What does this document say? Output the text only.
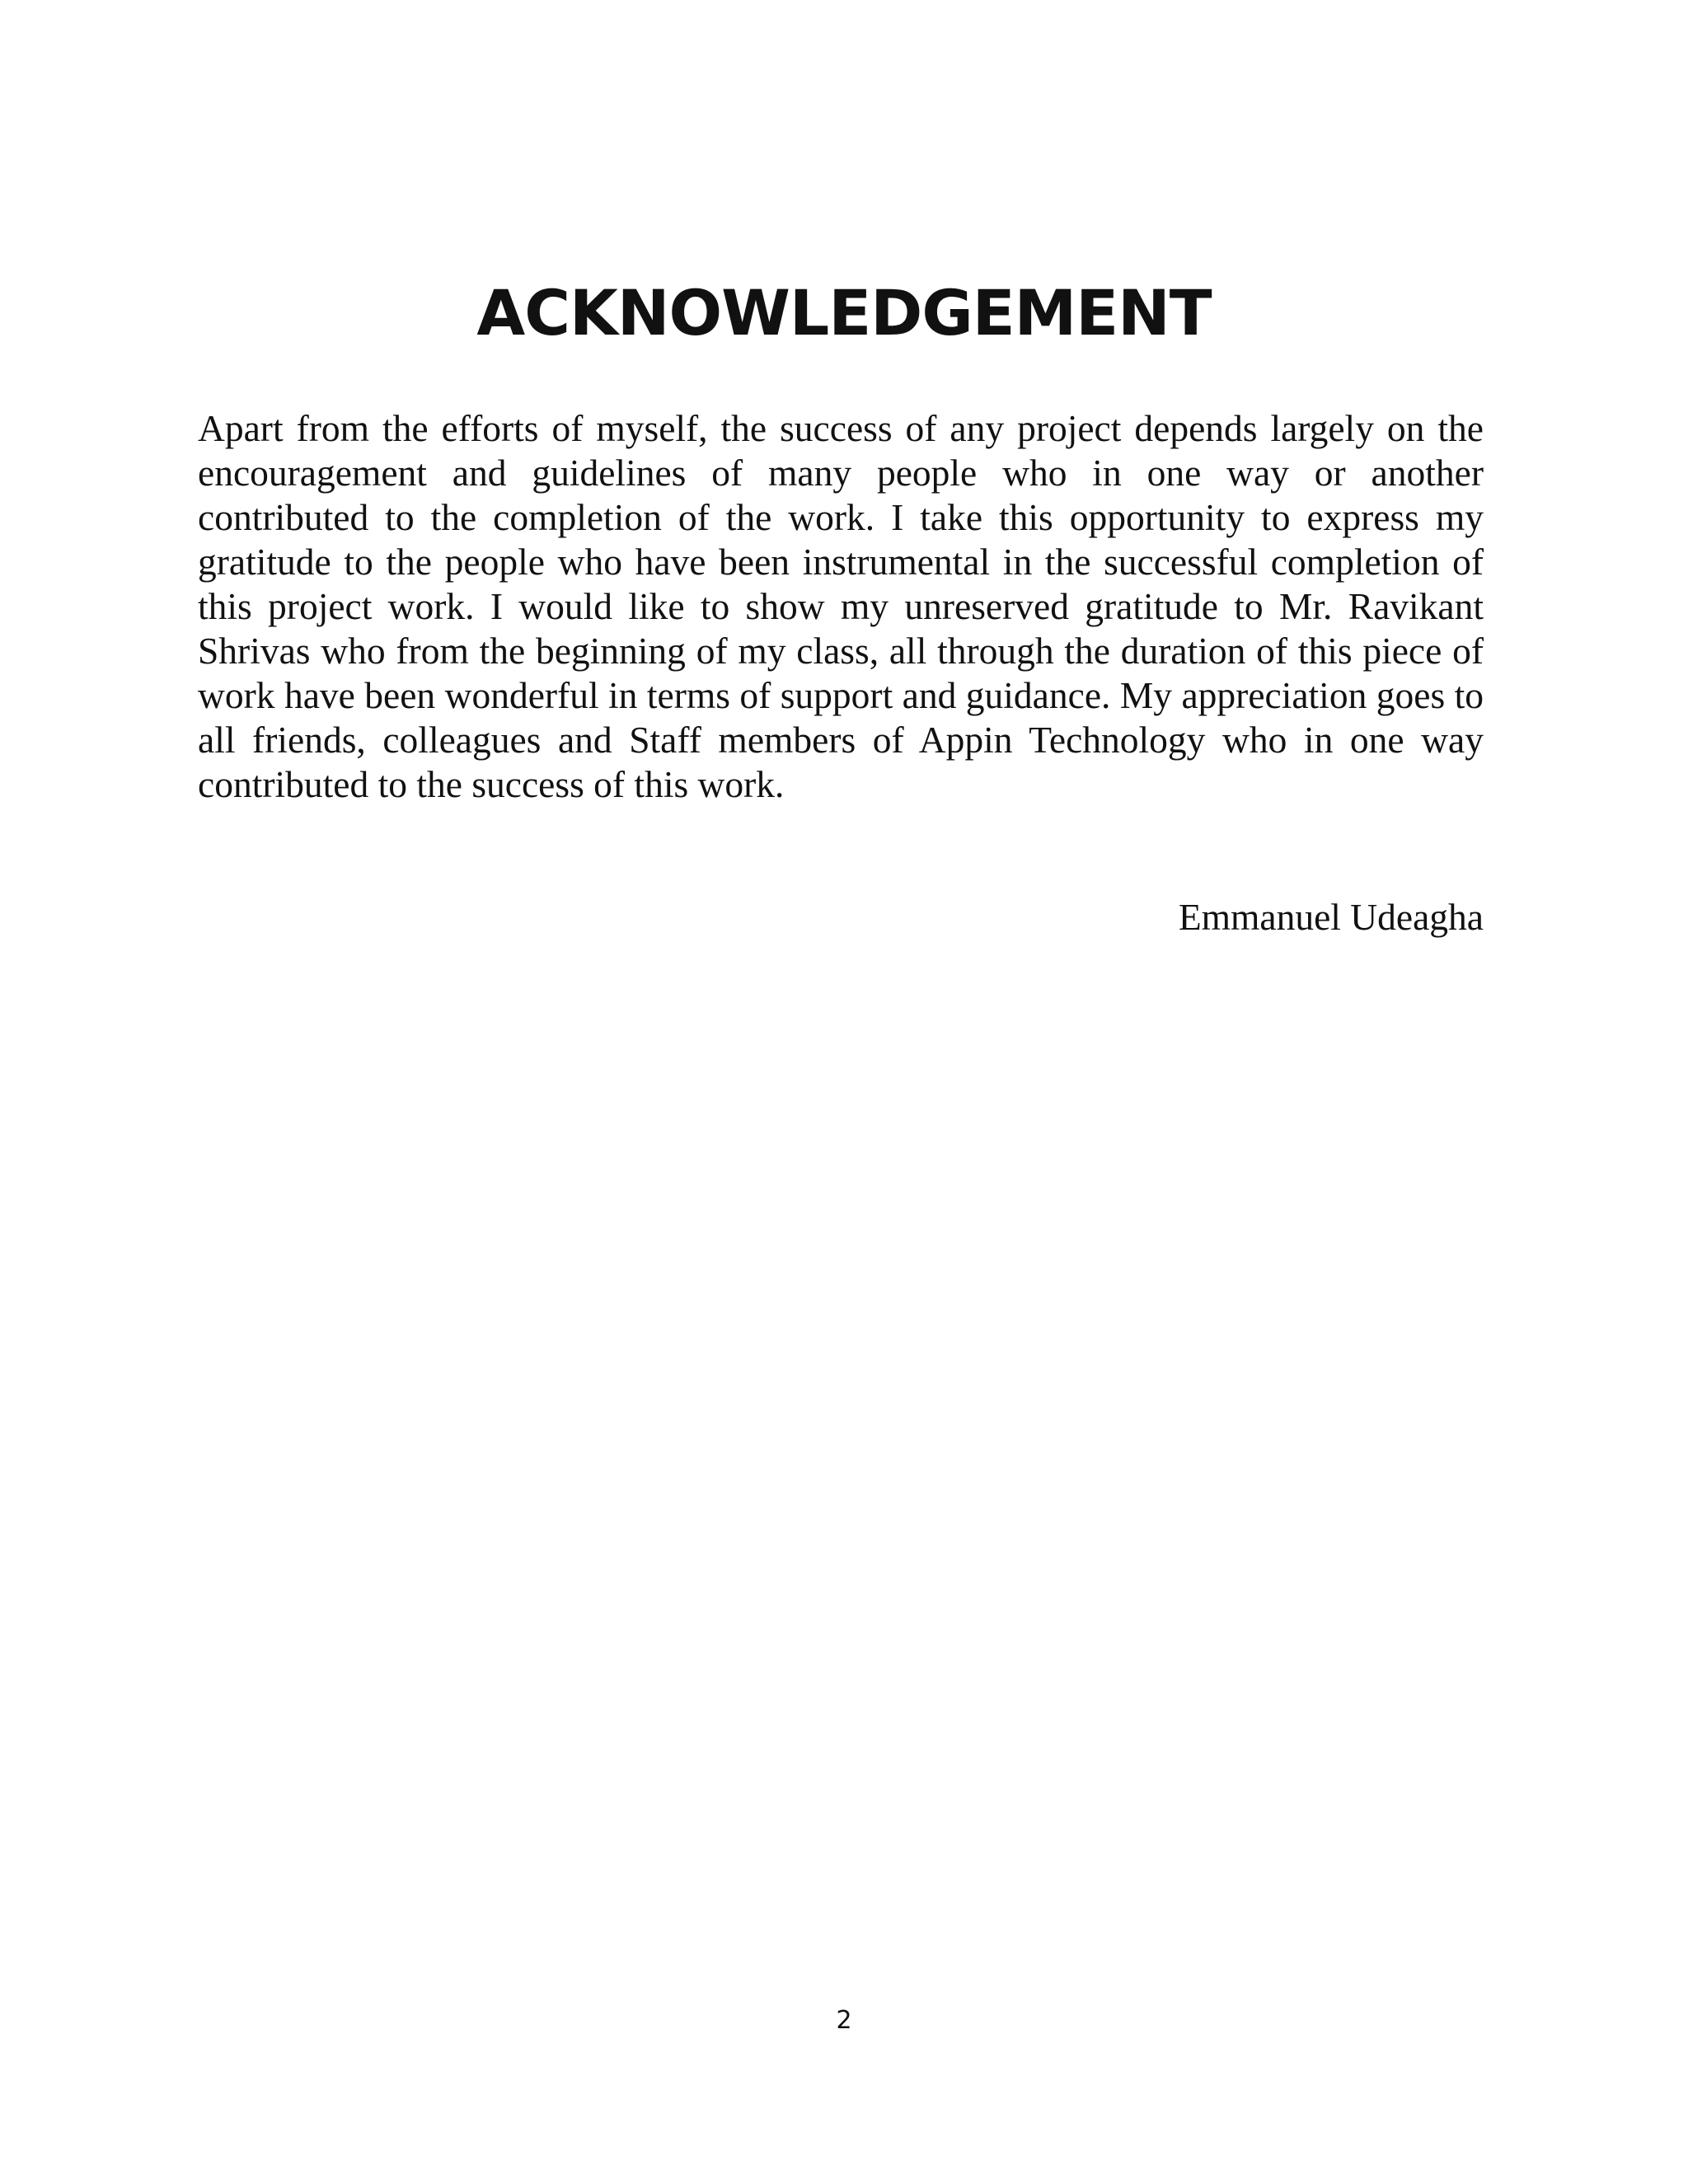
ACKNOWLEDGEMENT

Apart from the efforts of myself, the success of any project depends largely on the encouragement and guidelines of many people who in one way or another contributed to the completion of the work. I take this opportunity to express my gratitude to the people who have been instrumental in the successful completion of this project work. I would like to show my unreserved gratitude to Mr. Ravikant Shrivas who from the beginning of my class, all through the duration of this piece of work have been wonderful in terms of support and guidance. My appreciation goes to all friends, colleagues and Staff members of Appin Technology who in one way contributed to the success of this work.

Emmanuel Udeagha

2
